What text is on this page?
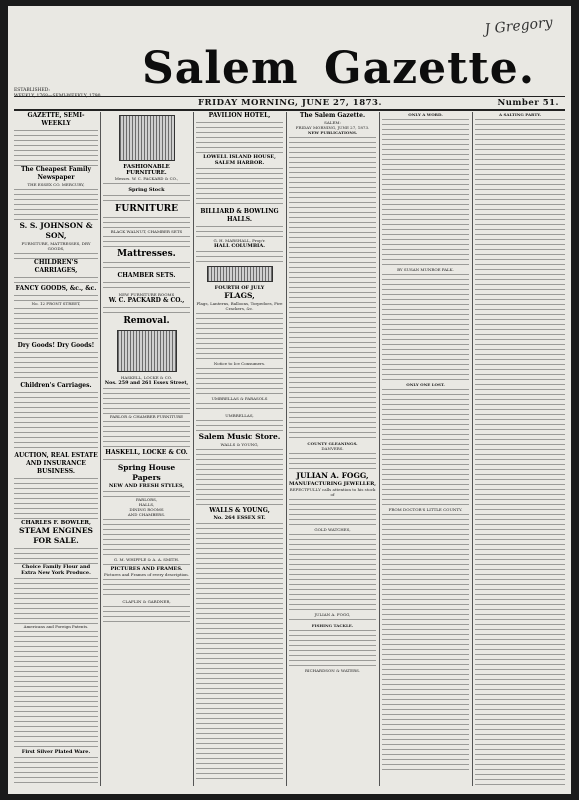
J Gregory
Salem Gazette.
ESTABLISHED:
WEEKLY, 1768—SEMI-WEEKLY, 1790.
FRIDAY MORNING, JUNE 27, 1873.	Number 51.
GAZETTE, SEMI-WEEKLY
The Cheapest Family Newspaper
THE ESSEX CO. MERCURY,
S. S. JOHNSON & SON,
FURNITURE, MATTRESSES, DRY GOODS,
CHILDREN'S CARRIAGES,
FANCY GOODS, &c., &c.
No. 12 FRONT STREET,
Dry Goods! Dry Goods!
Children's Carriages.
AUCTION, REAL ESTATE AND INSURANCE BUSINESS.
CHARLES F. BOWLER,
STEAM ENGINES FOR SALE.
Choice Family Flour and Extra New York Produce.
Americans and Foreign Patents.
First Silver Plated Ware.
FASHIONABLE FURNITURE.
Messrs. W. C. PACKARD & CO.,
Spring Stock
FURNITURE
BLACK WALNUT, CHAMBER SETS
Mattresses.
CHAMBER SETS.
NEW FURNITURE ROOMS
W. C. PACKARD & CO.,
Removal.
HASKELL, LOCKE & CO.
Nos. 259 and 261 Essex Street,
PARLOR & CHAMBER FURNITURE
HASKELL, LOCKE & CO.
Spring House Papers
NEW AND FRESH STYLES,
PARLORS,
HALLS,
DINING ROOMS
AND CHAMBERS.
G. M. WHIPPLE & A. A. SMITH.
PICTURES AND FRAMES.
Pictures and Frames of every description.
CLAFLIN & GARDNER,
PAVILION HOTEL,
LOWELL ISLAND HOUSE,
SALEM HARBOR.
BILLIARD & BOWLING HALLS.
G. H. MARSHALL, Prop'r.
HALL COLUMBIA.
FOURTH OF JULY
FLAGS,
Flags, Lanterns, Balloons, Torpedoes, Fire Crackers, &c.
Notice to Ice Consumers.
UMBRELLAS & PARASOLS
UMBRELLAS,
Salem Music Store.
WALLS & YOUNG,
WALLS & YOUNG,
No. 264 ESSEX ST.
The Salem Gazette.
SALEM:
FRIDAY MORNING, JUNE 27, 1873.
NEW PUBLICATIONS.
COUNTY GLEANINGS.
DANVERS.
JULIAN A. FOGG,
MANUFACTURING JEWELLER,
REPECTFULLY calls attention to his stock of
GOLD WATCHES,
JULIAN A. FOGG,
FISHING TACKLE.
RICHARDSON & WATERS.
ONLY A WORD.
BY SUSAN MUNROE PALK.
ONLY ONE LOST.
FROM DOCTOR'S LITTLE COUNTY.
A SALTING PARTY.
